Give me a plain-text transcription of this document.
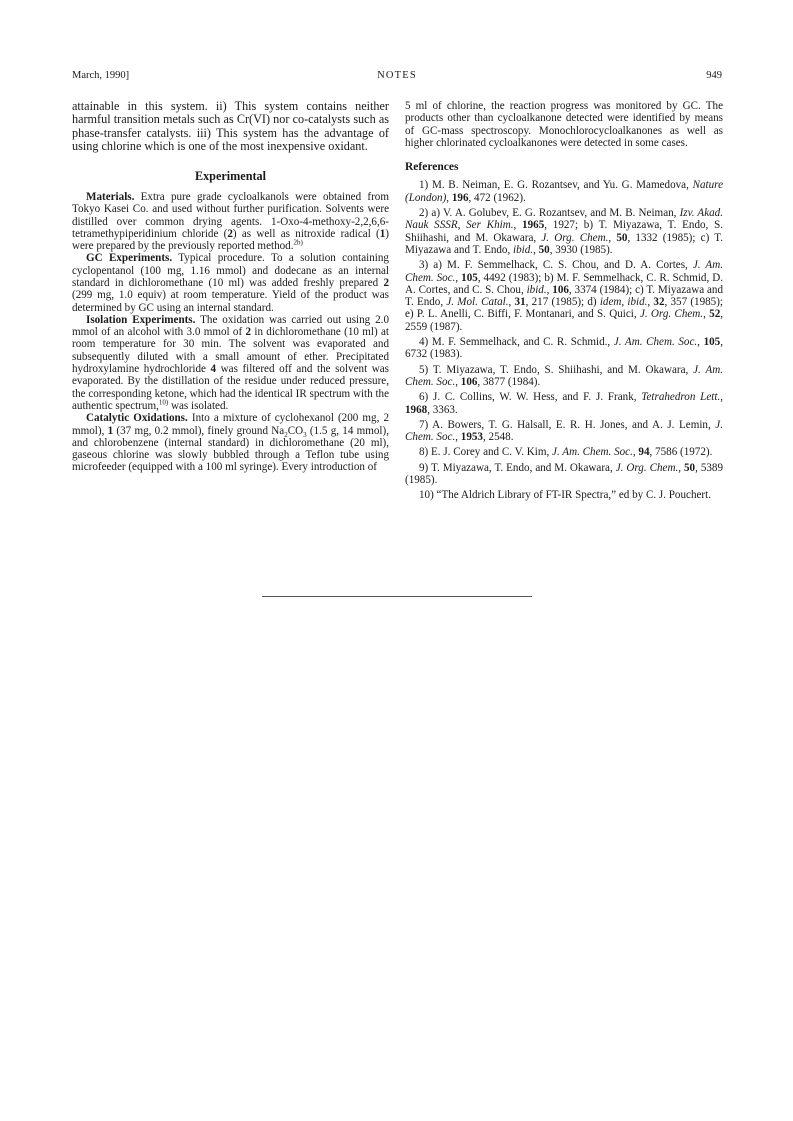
March, 1990]	NOTES	949

attainable in this system. ii) This system contains neither harmful transition metals such as Cr(VI) nor co-catalysts such as phase-transfer catalysts. iii) This system has the advantage of using chlorine which is one of the most inexpensive oxidant.

Experimental

Materials. Extra pure grade cycloalkanols were obtained from Tokyo Kasei Co. and used without further purification. Solvents were distilled over common drying agents. 1-Oxo-4-methoxy-2,2,6,6-tetramethypiperidinium chloride (2) as well as nitroxide radical (1) were prepared by the previously reported method.$^{2b)}$

GC Experiments. Typical procedure. To a solution containing cyclopentanol (100 mg, 1.16 mmol) and dodecane as an internal standard in dichloromethane (10 ml) was added freshly prepared 2 (299 mg, 1.0 equiv) at room temperature. Yield of the product was determined by GC using an internal standard.

Isolation Experiments. The oxidation was carried out using 2.0 mmol of an alcohol with 3.0 mmol of 2 in dichloromethane (10 ml) at room temperature for 30 min. The solvent was evaporated and subsequently diluted with a small amount of ether. Precipitated hydroxylamine hydrochloride 4 was filtered off and the solvent was evaporated. By the distillation of the residue under reduced pressure, the corresponding ketone, which had the identical IR spectrum with the authentic spectrum,$^{10)}$ was isolated.

Catalytic Oxidations. Into a mixture of cyclohexanol (200 mg, 2 mmol), 1 (37 mg, 0.2 mmol), finely ground $Na_2CO_3$ (1.5 g, 14 mmol), and chlorobenzene (internal standard) in dichloromethane (20 ml), gaseous chlorine was slowly bubbled through a Teflon tube using microfeeder (equipped with a 100 ml syringe). Every introduction of

5 ml of chlorine, the reaction progress was monitored by GC. The products other than cycloalkanone detected were identified by means of GC-mass spectroscopy. Monochlorocycloalkanones as well as higher chlorinated cycloalkanones were detected in some cases.

References

1) M. B. Neiman, E. G. Rozantsev, and Yu. G. Mamedova, Nature (London), 196, 472 (1962).

2) a) V. A. Golubev, E. G. Rozantsev, and M. B. Neiman, Izv. Akad. Nauk SSSR, Ser Khim., 1965, 1927; b) T. Miyazawa, T. Endo, S. Shiihashi, and M. Okawara, J. Org. Chem., 50, 1332 (1985); c) T. Miyazawa and T. Endo, ibid., 50, 3930 (1985).

3) a) M. F. Semmelhack, C. S. Chou, and D. A. Cortes, J. Am. Chem. Soc., 105, 4492 (1983); b) M. F. Semmelhack, C. R. Schmid, D. A. Cortes, and C. S. Chou, ibid., 106, 3374 (1984); c) T. Miyazawa and T. Endo, J. Mol. Catal., 31, 217 (1985); d) idem, ibid., 32, 357 (1985); e) P. L. Anelli, C. Biffi, F. Montanari, and S. Quici, J. Org. Chem., 52, 2559 (1987).

4) M. F. Semmelhack, and C. R. Schmid., J. Am. Chem. Soc., 105, 6732 (1983).

5) T. Miyazawa, T. Endo, S. Shiihashi, and M. Okawara, J. Am. Chem. Soc., 106, 3877 (1984).

6) J. C. Collins, W. W. Hess, and F. J. Frank, Tetrahedron Lett., 1968, 3363.

7) A. Bowers, T. G. Halsall, E. R. H. Jones, and A. J. Lemin, J. Chem. Soc., 1953, 2548.

8) E. J. Corey and C. V. Kim, J. Am. Chem. Soc., 94, 7586 (1972).

9) T. Miyazawa, T. Endo, and M. Okawara, J. Org. Chem., 50, 5389 (1985).

10) “The Aldrich Library of FT-IR Spectra,” ed by C. J. Pouchert.
